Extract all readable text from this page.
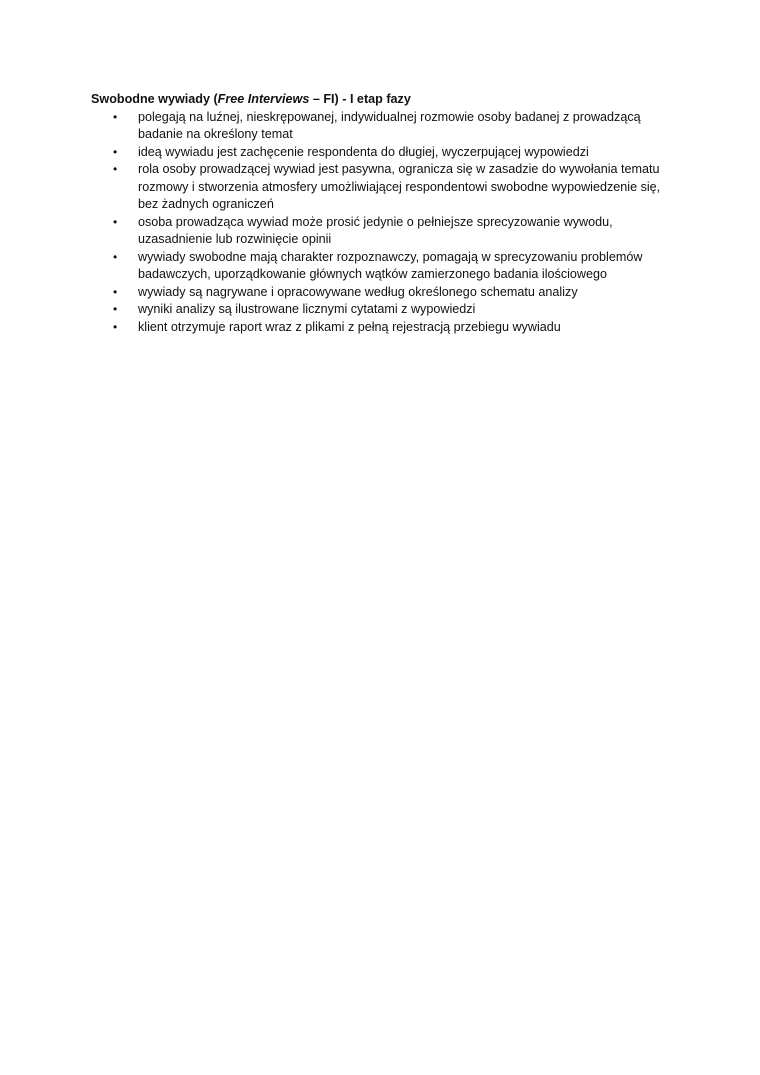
Swobodne wywiady (Free Interviews – FI) - I etap fazy

• polegają na luźnej, nieskrępowanej, indywidualnej rozmowie osoby badanej z prowadzącą badanie na określony temat
• ideą wywiadu jest zachęcenie respondenta do długiej, wyczerpującej wypowiedzi
• rola osoby prowadzącej wywiad jest pasywna, ogranicza się w zasadzie do wywołania tematu rozmowy i stworzenia atmosfery umożliwiającej respondentowi swobodne wypowiedzenie się, bez żadnych ograniczeń
• osoba prowadząca wywiad może prosić jedynie o pełniejsze sprecyzowanie wywodu, uzasadnienie lub rozwinięcie opinii
• wywiady swobodne mają charakter rozpoznawczy, pomagają w sprecyzowaniu problemów badawczych, uporządkowanie głównych wątków zamierzonego badania ilościowego
• wywiady są nagrywane i opracowywane według określonego schematu analizy
• wyniki analizy są ilustrowane licznymi cytatami z wypowiedzi
• klient otrzymuje raport wraz z plikami z pełną rejestracją przebiegu wywiadu
